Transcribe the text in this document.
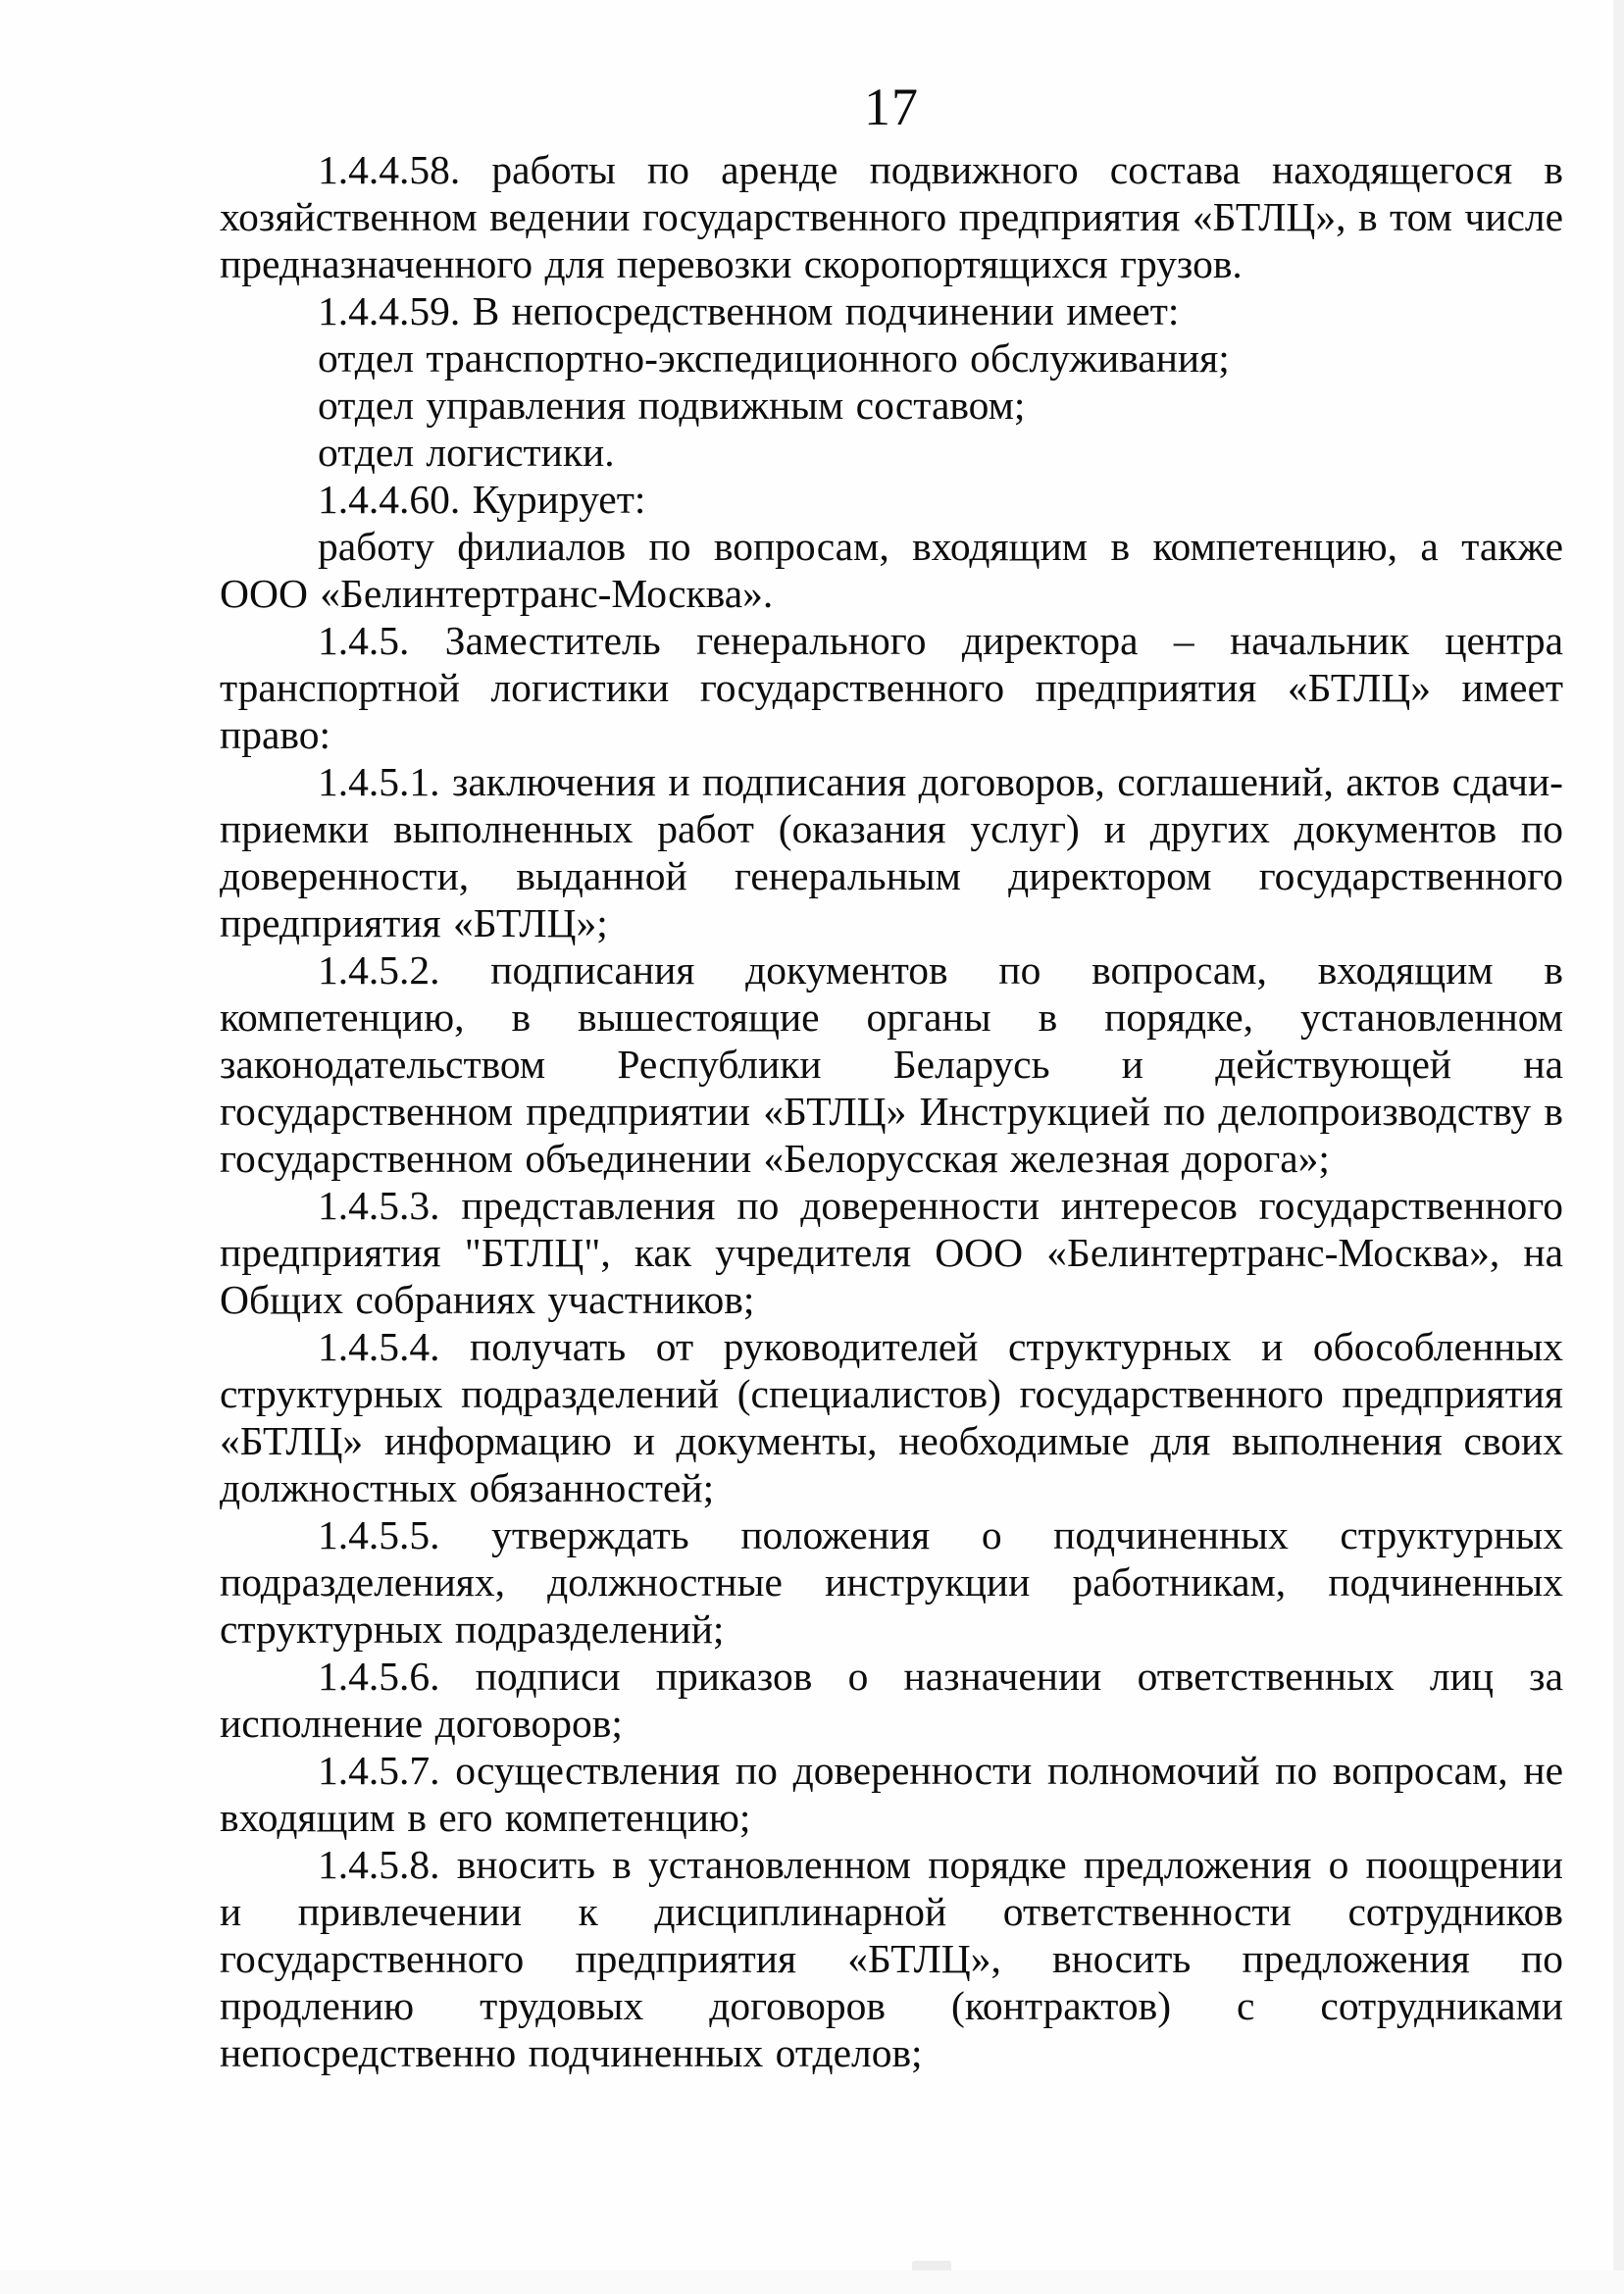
17

1.4.4.58. работы по аренде подвижного состава находящегося в хозяйственном ведении государственного предприятия «БТЛЦ», в том числе предназначенного для перевозки скоропортящихся грузов.

1.4.4.59. В непосредственном подчинении имеет:

отдел транспортно-экспедиционного обслуживания;

отдел управления подвижным составом;

отдел логистики.

1.4.4.60. Курирует:

работу филиалов по вопросам, входящим в компетенцию, а также ООО «Белинтертранс-Москва».

1.4.5. Заместитель генерального директора – начальник центра транспортной логистики государственного предприятия «БТЛЦ» имеет право:

1.4.5.1. заключения и подписания договоров, соглашений, актов сдачи-приемки выполненных работ (оказания услуг) и других документов по доверенности, выданной генеральным директором государственного предприятия «БТЛЦ»;

1.4.5.2. подписания документов по вопросам, входящим в компетенцию, в вышестоящие органы в порядке, установленном законодательством Республики Беларусь и действующей на государственном предприятии «БТЛЦ» Инструкцией по делопроизводству в государственном объединении «Белорусская железная дорога»;

1.4.5.3. представления по доверенности интересов государственного предприятия "БТЛЦ", как учредителя ООО «Белинтертранс-Москва», на Общих собраниях участников;

1.4.5.4. получать от руководителей структурных и обособленных структурных подразделений (специалистов) государственного предприятия «БТЛЦ» информацию и документы, необходимые для выполнения своих должностных обязанностей;

1.4.5.5. утверждать положения о подчиненных структурных подразделениях, должностные инструкции работникам, подчиненных структурных подразделений;

1.4.5.6. подписи приказов о назначении ответственных лиц за исполнение договоров;

1.4.5.7. осуществления по доверенности полномочий по вопросам, не входящим в его компетенцию;

1.4.5.8. вносить в установленном порядке предложения о поощрении и привлечении к дисциплинарной ответственности сотрудников государственного предприятия «БТЛЦ», вносить предложения по продлению трудовых договоров (контрактов) с сотрудниками непосредственно подчиненных отделов;
